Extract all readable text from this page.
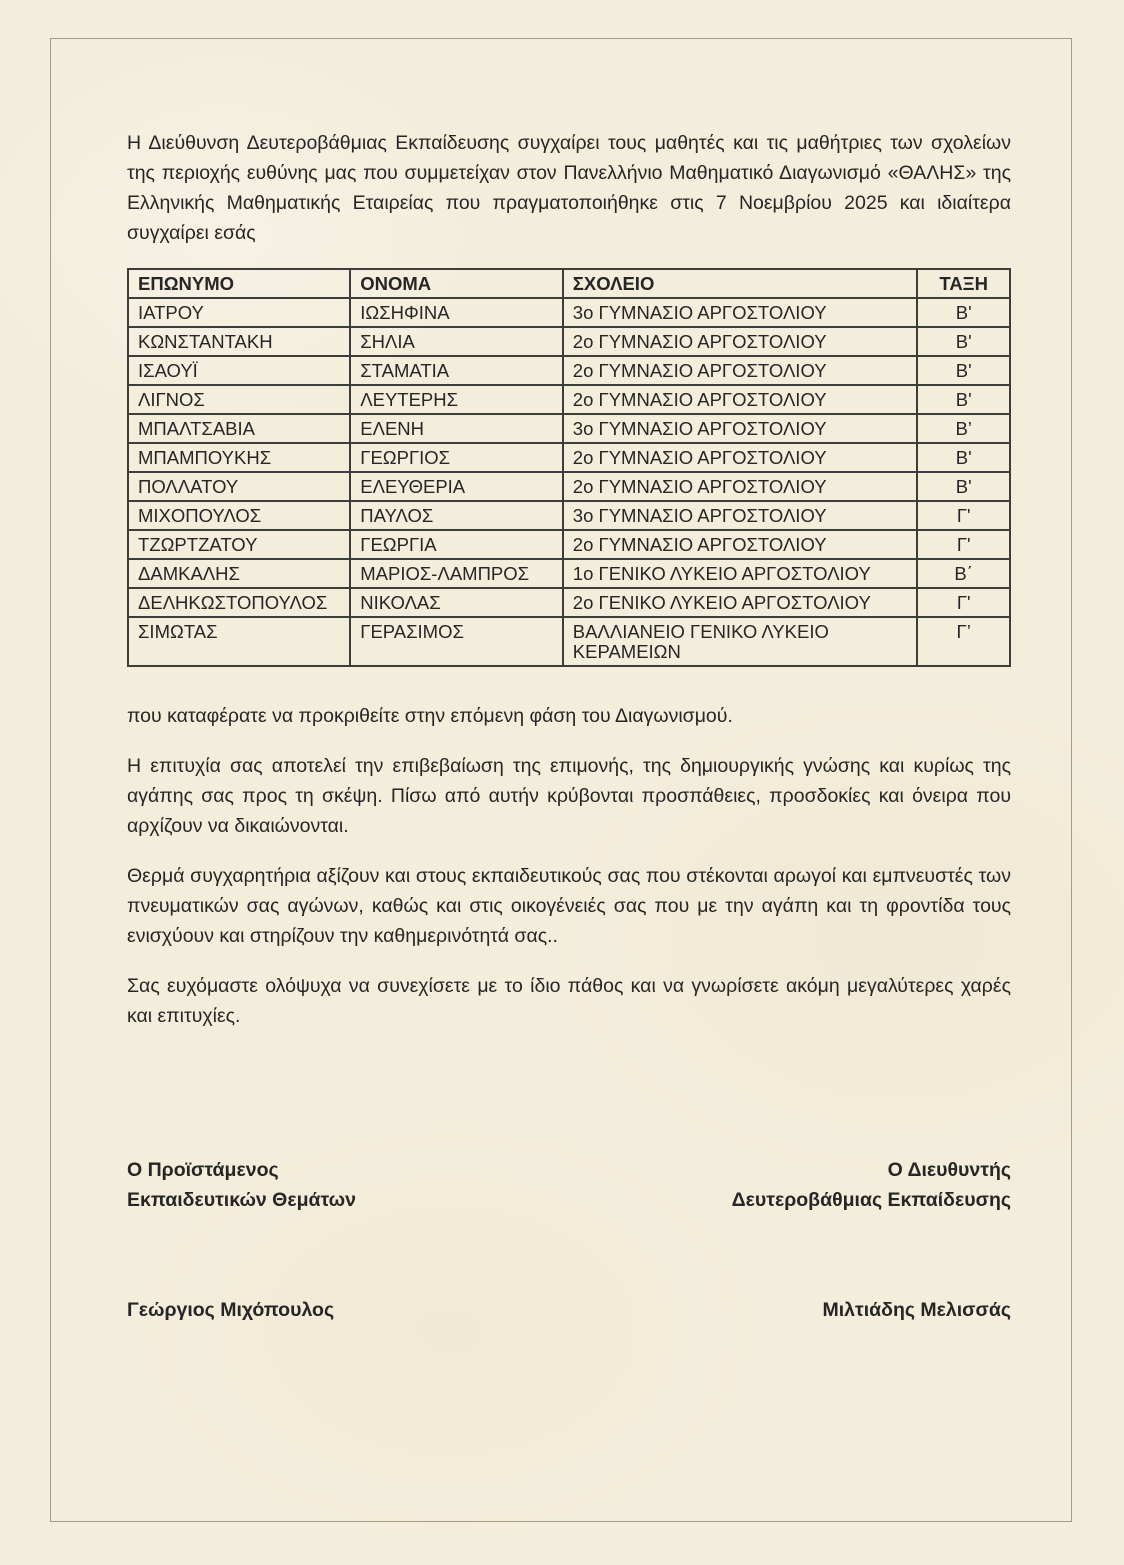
Η Διεύθυνση Δευτεροβάθμιας Εκπαίδευσης συγχαίρει τους μαθητές και τις μαθήτριες των σχολείων της περιοχής ευθύνης μας που συμμετείχαν στον Πανελλήνιο Μαθηματικό Διαγωνισμό «ΘΑΛΗΣ» της Ελληνικής Μαθηματικής Εταιρείας που πραγματοποιήθηκε στις 7 Νοεμβρίου 2025 και ιδιαίτερα συγχαίρει εσάς

ΕΠΩΝΥΜΟ	ΟΝΟΜΑ	ΣΧΟΛΕΙΟ	ΤΑΞΗ
ΙΑΤΡΟΥ	ΙΩΣΗΦΙΝΑ	3ο ΓΥΜΝΑΣΙΟ ΑΡΓΟΣΤΟΛΙΟΥ	Β'
ΚΩΝΣΤΑΝΤΑΚΗ	ΣΗΛΙΑ	2ο ΓΥΜΝΑΣΙΟ ΑΡΓΟΣΤΟΛΙΟΥ	Β'
ΙΣΑΟΥΪ	ΣΤΑΜΑΤΙΑ	2ο ΓΥΜΝΑΣΙΟ ΑΡΓΟΣΤΟΛΙΟΥ	Β'
ΛΙΓΝΟΣ	ΛΕΥΤΕΡΗΣ	2ο ΓΥΜΝΑΣΙΟ ΑΡΓΟΣΤΟΛΙΟΥ	Β'
ΜΠΑΛΤΣΑΒΙΑ	ΕΛΕΝΗ	3ο ΓΥΜΝΑΣΙΟ ΑΡΓΟΣΤΟΛΙΟΥ	Β’
ΜΠΑΜΠΟΥΚΗΣ	ΓΕΩΡΓΙΟΣ	2ο ΓΥΜΝΑΣΙΟ ΑΡΓΟΣΤΟΛΙΟΥ	Β'
ΠΟΛΛΑΤΟΥ	ΕΛΕΥΘΕΡΙΑ	2ο ΓΥΜΝΑΣΙΟ ΑΡΓΟΣΤΟΛΙΟΥ	Β'
ΜΙΧΟΠΟΥΛΟΣ	ΠΑΥΛΟΣ	3ο ΓΥΜΝΑΣΙΟ ΑΡΓΟΣΤΟΛΙΟΥ	Γ'
ΤΖΩΡΤΖΑΤΟΥ	ΓΕΩΡΓΙΑ	2ο ΓΥΜΝΑΣΙΟ ΑΡΓΟΣΤΟΛΙΟΥ	Γ'
ΔΑΜΚΑΛΗΣ	ΜΑΡΙΟΣ-ΛΑΜΠΡΟΣ	1ο ΓΕΝΙΚΟ ΛΥΚΕΙΟ ΑΡΓΟΣΤΟΛΙΟΥ	Β΄
ΔΕΛΗΚΩΣΤΟΠΟΥΛΟΣ	ΝΙΚΟΛΑΣ	2ο ΓΕΝΙΚΟ ΛΥΚΕΙΟ ΑΡΓΟΣΤΟΛΙΟΥ	Γ'
ΣΙΜΩΤΑΣ	ΓΕΡΑΣΙΜΟΣ	ΒΑΛΛΙΑΝΕΙΟ ΓΕΝΙΚΟ ΛΥΚΕΙΟ ΚΕΡΑΜΕΙΩΝ	Γ’

που καταφέρατε να προκριθείτε στην επόμενη φάση του Διαγωνισμού.

Η επιτυχία σας αποτελεί την επιβεβαίωση της επιμονής, της δημιουργικής γνώσης και κυρίως της αγάπης σας προς τη σκέψη. Πίσω από αυτήν κρύβονται προσπάθειες, προσδοκίες και όνειρα που αρχίζουν να δικαιώνονται.

Θερμά συγχαρητήρια αξίζουν και στους εκπαιδευτικούς σας που στέκονται αρωγοί και εμπνευστές των πνευματικών σας αγώνων, καθώς και στις οικογένειές σας που με την αγάπη και τη φροντίδα τους ενισχύουν και στηρίζουν την καθημερινότητά σας..

Σας ευχόμαστε ολόψυχα να συνεχίσετε με το ίδιο πάθος και να γνωρίσετε ακόμη μεγαλύτερες χαρές και επιτυχίες.

Ο Προϊστάμενος
Εκπαιδευτικών Θεμάτων
Ο Διευθυντής
Δευτεροβάθμιας Εκπαίδευσης
Γεώργιος Μιχόπουλος	Μιλτιάδης Μελισσάς
